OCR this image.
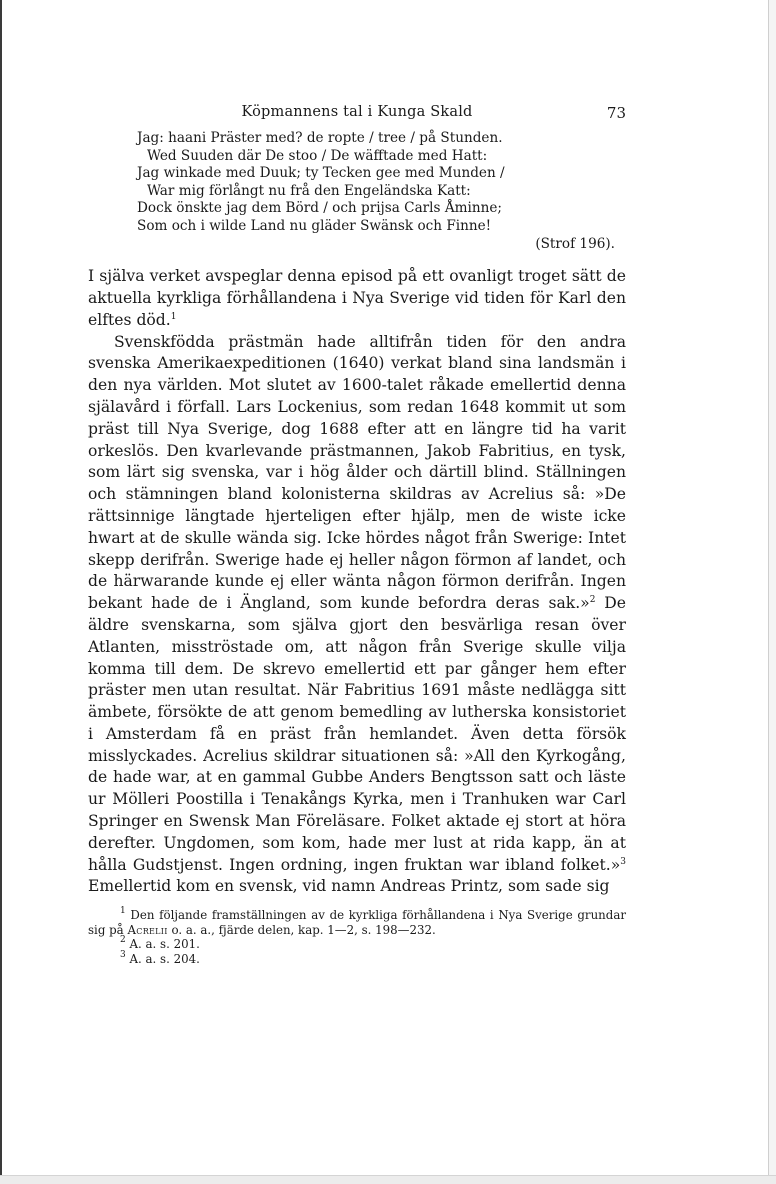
Köpmannens tal i Kunga Skald	73
Jag: haani Präster med? de ropte / tree / på Stunden.
Wed Suuden där De stoo / De wäfftade med Hatt:
Jag winkade med Duuk; ty Tecken gee med Munden /
War mig förlångt nu frå den Engeländska Katt:
Dock önskte jag dem Börd / och prijsa Carls Åminne;
Som och i wilde Land nu gläder Swänsk och Finne!
(Strof 196).

I själva verket avspeglar denna episod på ett ovanligt troget sätt de aktuella kyrkliga förhållandena i Nya Sverige vid tiden för Karl den elftes död.$^1$

Svenskfödda prästmän hade alltifrån tiden för den andra svenska Amerikaexpeditionen (1640) verkat bland sina landsmän i den nya världen. Mot slutet av 1600-talet råkade emellertid denna själavård i förfall. Lars Lockenius, som redan 1648 kommit ut som präst till Nya Sverige, dog 1688 efter att en längre tid ha varit orkeslös. Den kvarlevande prästmannen, Jakob Fabritius, en tysk, som lärt sig svenska, var i hög ålder och därtill blind. Ställningen och stämningen bland kolonisterna skildras av Acrelius så: »De rättsinnige längtade hjerteligen efter hjälp, men de wiste icke hwart at de skulle wända sig. Icke hördes något från Swerige: Intet skepp derifrån. Swerige hade ej heller någon förmon af landet, och de härwarande kunde ej eller wänta någon förmon derifrån. Ingen bekant hade de i Ängland, som kunde befordra deras sak.»$^2$ De äldre svenskarna, som själva gjort den besvärliga resan över Atlanten, misströstade om, att någon från Sverige skulle vilja komma till dem. De skrevo emellertid ett par gånger hem efter präster men utan resultat. När Fabritius 1691 måste nedlägga sitt ämbete, försökte de att genom bemedling av lutherska konsistoriet i Amsterdam få en präst från hemlandet. Även detta försök misslyckades. Acrelius skildrar situationen så: »All den Kyrkogång, de hade war, at en gammal Gubbe Anders Bengtsson satt och läste ur Mölleri Poostilla i Tenakångs Kyrka, men i Tranhuken war Carl Springer en Swensk Man Föreläsare. Folket aktade ej stort at höra derefter. Ungdomen, som kom, hade mer lust at rida kapp, än at hålla Gudstjenst. Ingen ordning, ingen fruktan war ibland folket.»$^3$ Emellertid kom en svensk, vid namn Andreas Printz, som sade sig

$^1$ Den följande framställningen av de kyrkliga förhållandena i Nya Sverige grundar sig på Acrelii o. a. a., fjärde delen, kap. 1—2, s. 198—232.

$^2$ A. a. s. 201.

$^3$ A. a. s. 204.
